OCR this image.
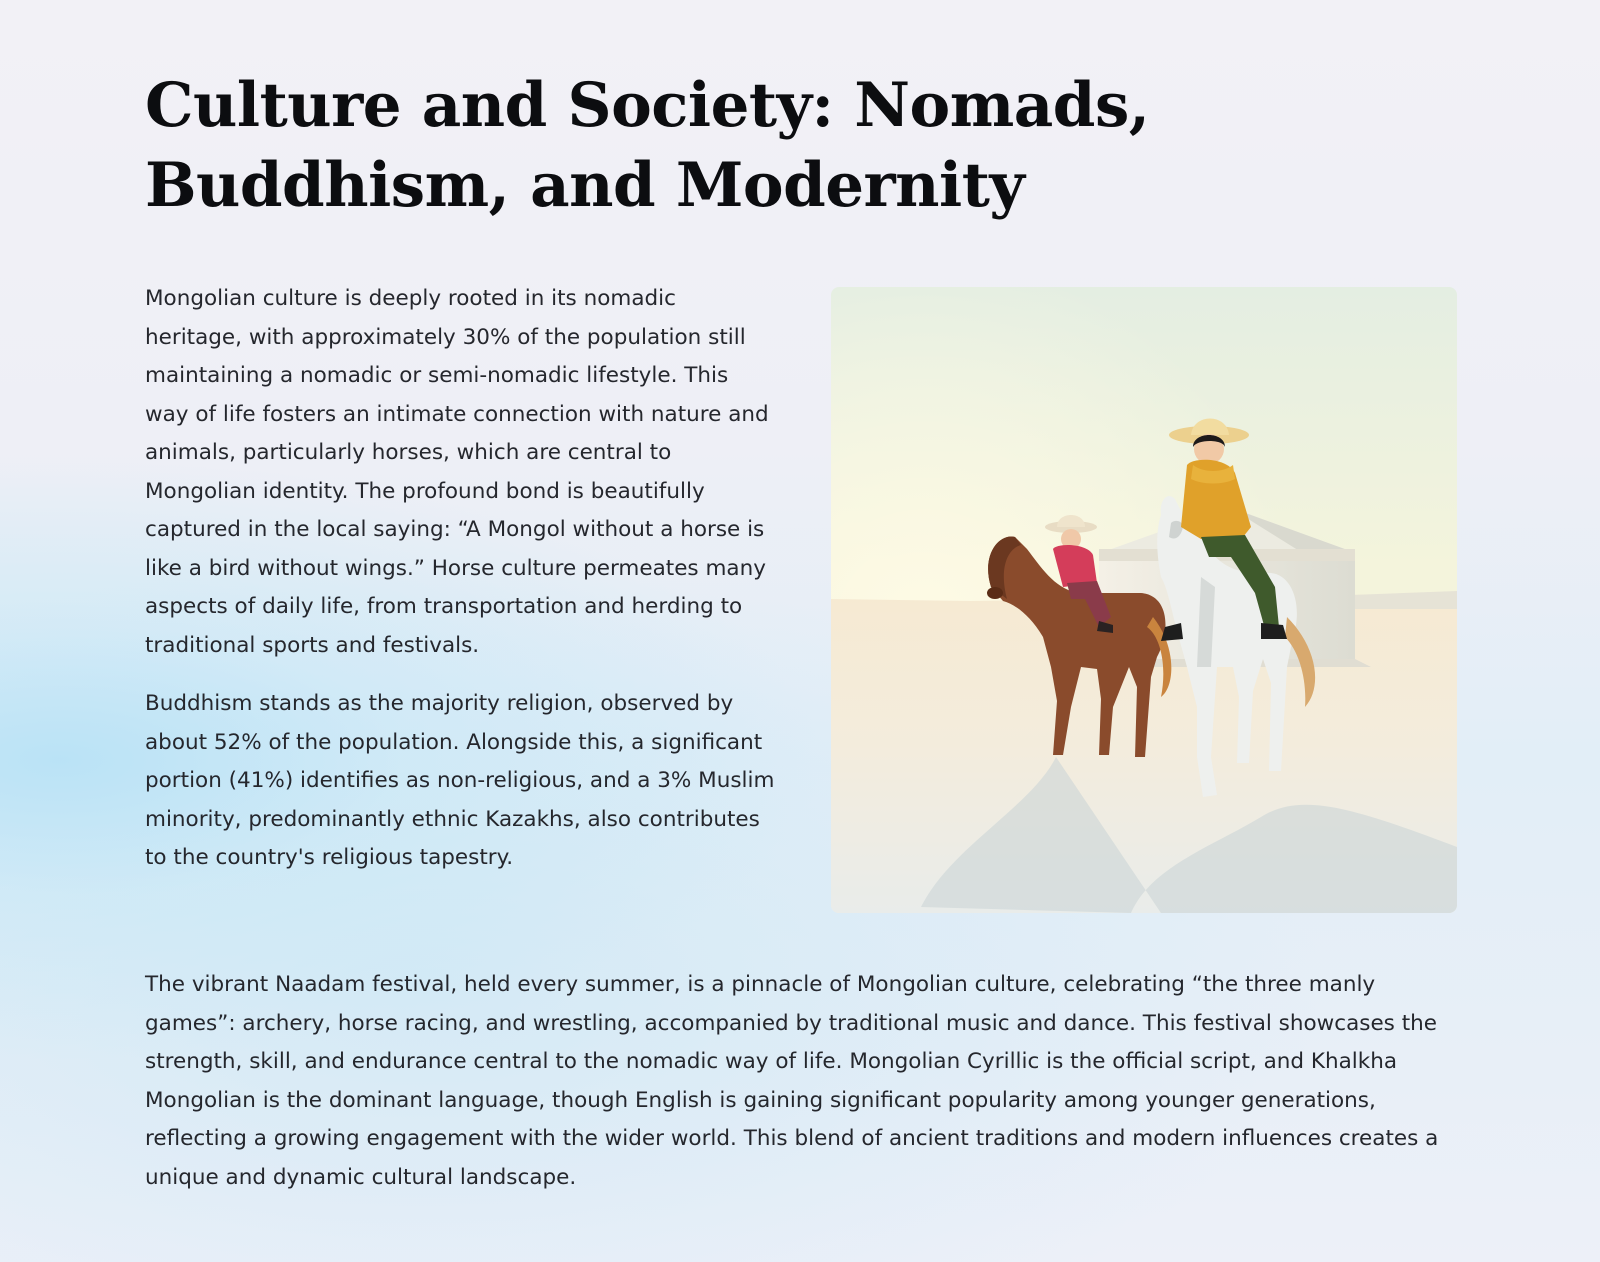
Culture and Society: Nomads, Buddhism, and Modernity

Mongolian culture is deeply rooted in its nomadic heritage, with approximately 30% of the population still maintaining a nomadic or semi-nomadic lifestyle. This way of life fosters an intimate connection with nature and animals, particularly horses, which are central to Mongolian identity. The profound bond is beautifully captured in the local saying: “A Mongol without a horse is like a bird without wings.” Horse culture permeates many aspects of daily life, from transportation and herding to traditional sports and festivals.

Buddhism stands as the majority religion, observed by about 52% of the population. Alongside this, a significant portion (41%) identifies as non-religious, and a 3% Muslim minority, predominantly ethnic Kazakhs, also contributes to the country's religious tapestry.

The vibrant Naadam festival, held every summer, is a pinnacle of Mongolian culture, celebrating “the three manly games”: archery, horse racing, and wrestling, accompanied by traditional music and dance. This festival showcases the strength, skill, and endurance central to the nomadic way of life. Mongolian Cyrillic is the official script, and Khalkha Mongolian is the dominant language, though English is gaining significant popularity among younger generations, reflecting a growing engagement with the wider world. This blend of ancient traditions and modern influences creates a unique and dynamic cultural landscape.
